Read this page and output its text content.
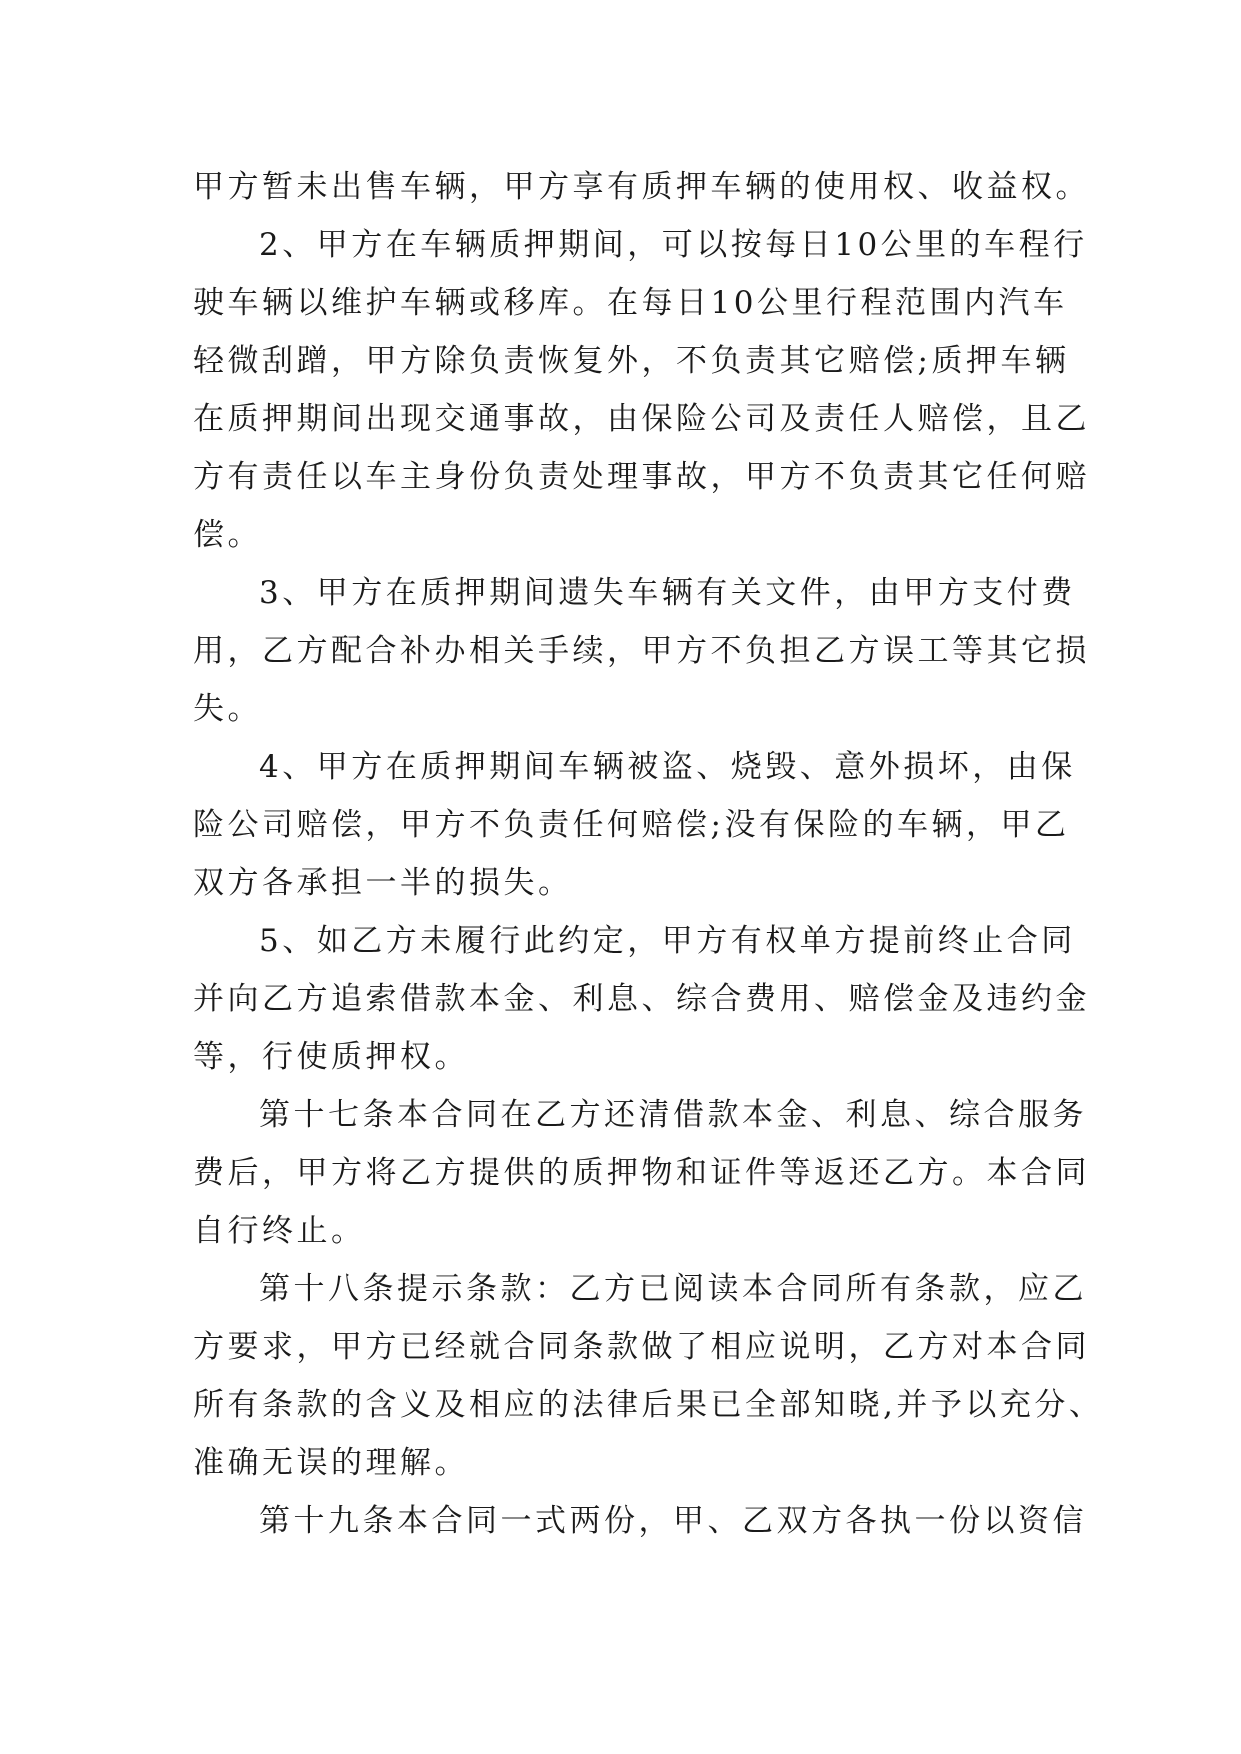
甲方暂未出售车辆，甲方享有质押车辆的使用权、收益权。
2、甲方在车辆质押期间，可以按每日10公里的车程行
驶车辆以维护车辆或移库。在每日10公里行程范围内汽车
轻微刮蹭，甲方除负责恢复外，不负责其它赔偿;质押车辆
在质押期间出现交通事故，由保险公司及责任人赔偿，且乙
方有责任以车主身份负责处理事故，甲方不负责其它任何赔
偿。
3、甲方在质押期间遗失车辆有关文件，由甲方支付费
用，乙方配合补办相关手续，甲方不负担乙方误工等其它损
失。
4、甲方在质押期间车辆被盗、烧毁、意外损坏，由保
险公司赔偿，甲方不负责任何赔偿;没有保险的车辆，甲乙
双方各承担一半的损失。
5、如乙方未履行此约定，甲方有权单方提前终止合同
并向乙方追索借款本金、利息、综合费用、赔偿金及违约金
等，行使质押权。
第十七条本合同在乙方还清借款本金、利息、综合服务
费后，甲方将乙方提供的质押物和证件等返还乙方。本合同
自行终止。
第十八条提示条款：乙方已阅读本合同所有条款，应乙
方要求，甲方已经就合同条款做了相应说明，乙方对本合同
所有条款的含义及相应的法律后果已全部知晓,并予以充分、
准确无误的理解。
第十九条本合同一式两份，甲、乙双方各执一份以资信
